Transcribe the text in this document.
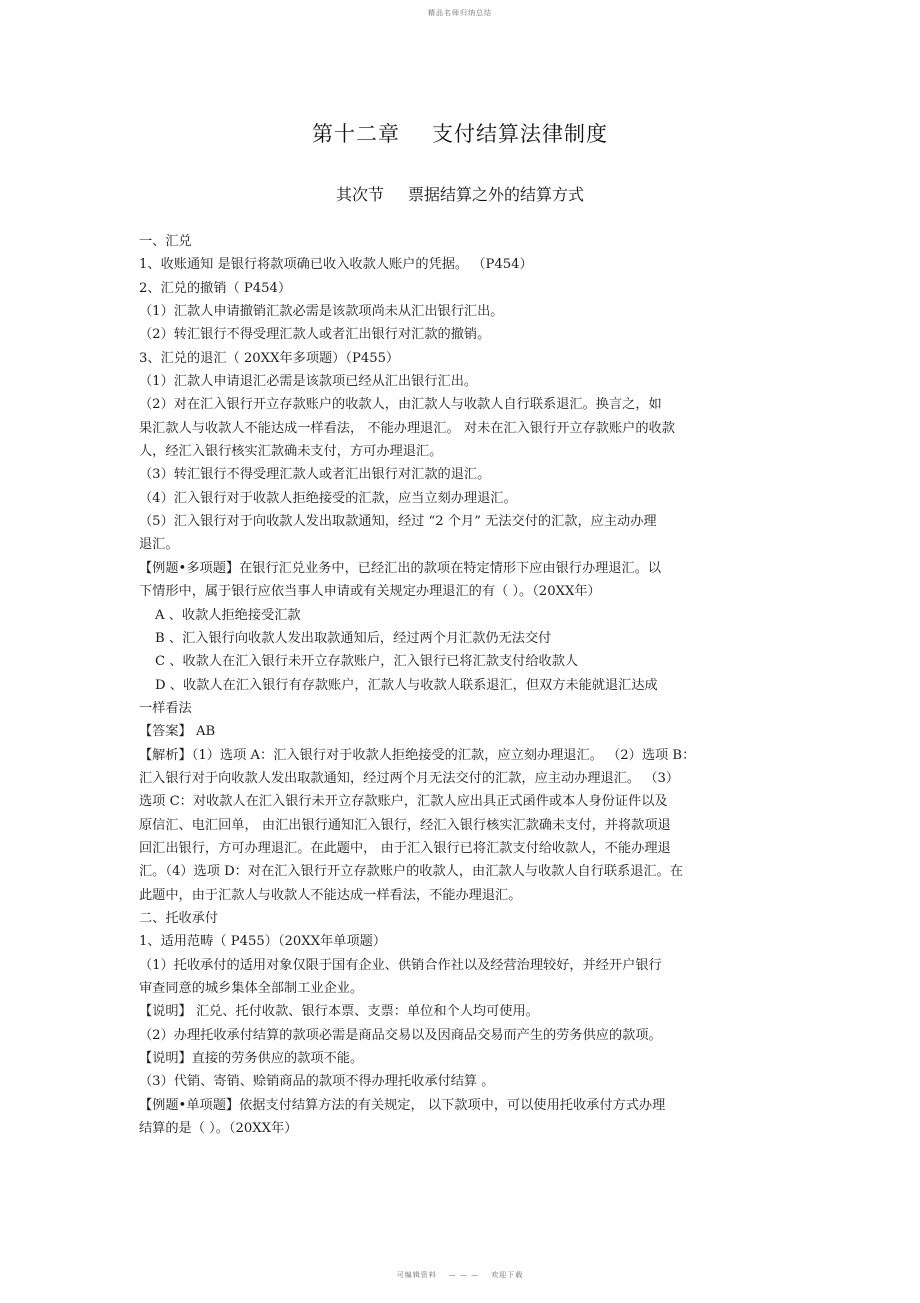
精品名师归纳总结
第十二章 支付结算法律制度
其次节 票据结算之外的结算方式
一、汇兑
1、收账通知 是银行将款项确已收入收款人账户的凭据。 （P454）
2、汇兑的撤销（ P454）
（1）汇款人申请撤销汇款必需是该款项尚未从汇出银行汇出。
（2）转汇银行不得受理汇款人或者汇出银行对汇款的撤销。
3、汇兑的退汇（ 20XX年多项题）（P455）
（1）汇款人申请退汇必需是该款项已经从汇出银行汇出。
（2）对在汇入银行开立存款账户的收款人，由汇款人与收款人自行联系退汇。换言之，如
果汇款人与收款人不能达成一样看法， 不能办理退汇。 对未在汇入银行开立存款账户的收款
人，经汇入银行核实汇款确未支付，方可办理退汇。
（3）转汇银行不得受理汇款人或者汇出银行对汇款的退汇。
（4）汇入银行对于收款人拒绝接受的汇款，应当立刻办理退汇。
（5）汇入银行对于向收款人发出取款通知，经过 “2 个月” 无法交付的汇款，应主动办理
退汇。
【例题•多项题】在银行汇兑业务中，已经汇出的款项在特定情形下应由银行办理退汇。以
下情形中，属于银行应依当事人申请或有关规定办理退汇的有（ ）。（20XX年）
A 、收款人拒绝接受汇款
B 、汇入银行向收款人发出取款通知后，经过两个月汇款仍无法交付
C 、收款人在汇入银行未开立存款账户，汇入银行已将汇款支付给收款人
D 、收款人在汇入银行有存款账户，汇款人与收款人联系退汇，但双方未能就退汇达成
一样看法
【答案】 AB
【解析】（1）选项 A：汇入银行对于收款人拒绝接受的汇款，应立刻办理退汇。 （2）选项 B：
汇入银行对于向收款人发出取款通知，经过两个月无法交付的汇款，应主动办理退汇。 （3）
选项 C：对收款人在汇入银行未开立存款账户，汇款人应出具正式函件或本人身份证件以及
原信汇、电汇回单， 由汇出银行通知汇入银行，经汇入银行核实汇款确未支付，并将款项退
回汇出银行，方可办理退汇。在此题中， 由于汇入银行已将汇款支付给收款人，不能办理退
汇。（4）选项 D：对在汇入银行开立存款账户的收款人，由汇款人与收款人自行联系退汇。在
此题中，由于汇款人与收款人不能达成一样看法，不能办理退汇。
二、托收承付
1、适用范畴（ P455）（20XX年单项题）
（1）托收承付的适用对象仅限于国有企业、供销合作社以及经营治理较好，并经开户银行
审查同意的城乡集体全部制工业企业。
【说明】 汇兑、托付收款、银行本票、支票：单位和个人均可使用。
（2）办理托收承付结算的款项必需是商品交易以及因商品交易而产生的劳务供应的款项。
【说明】直接的劳务供应的款项不能。
（3）代销、寄销、赊销商品的款项不得办理托收承付结算 。
【例题•单项题】依据支付结算方法的有关规定， 以下款项中，可以使用托收承付方式办理
结算的是（ ）。（20XX年）
可编辑资料 — — — 欢迎下载
